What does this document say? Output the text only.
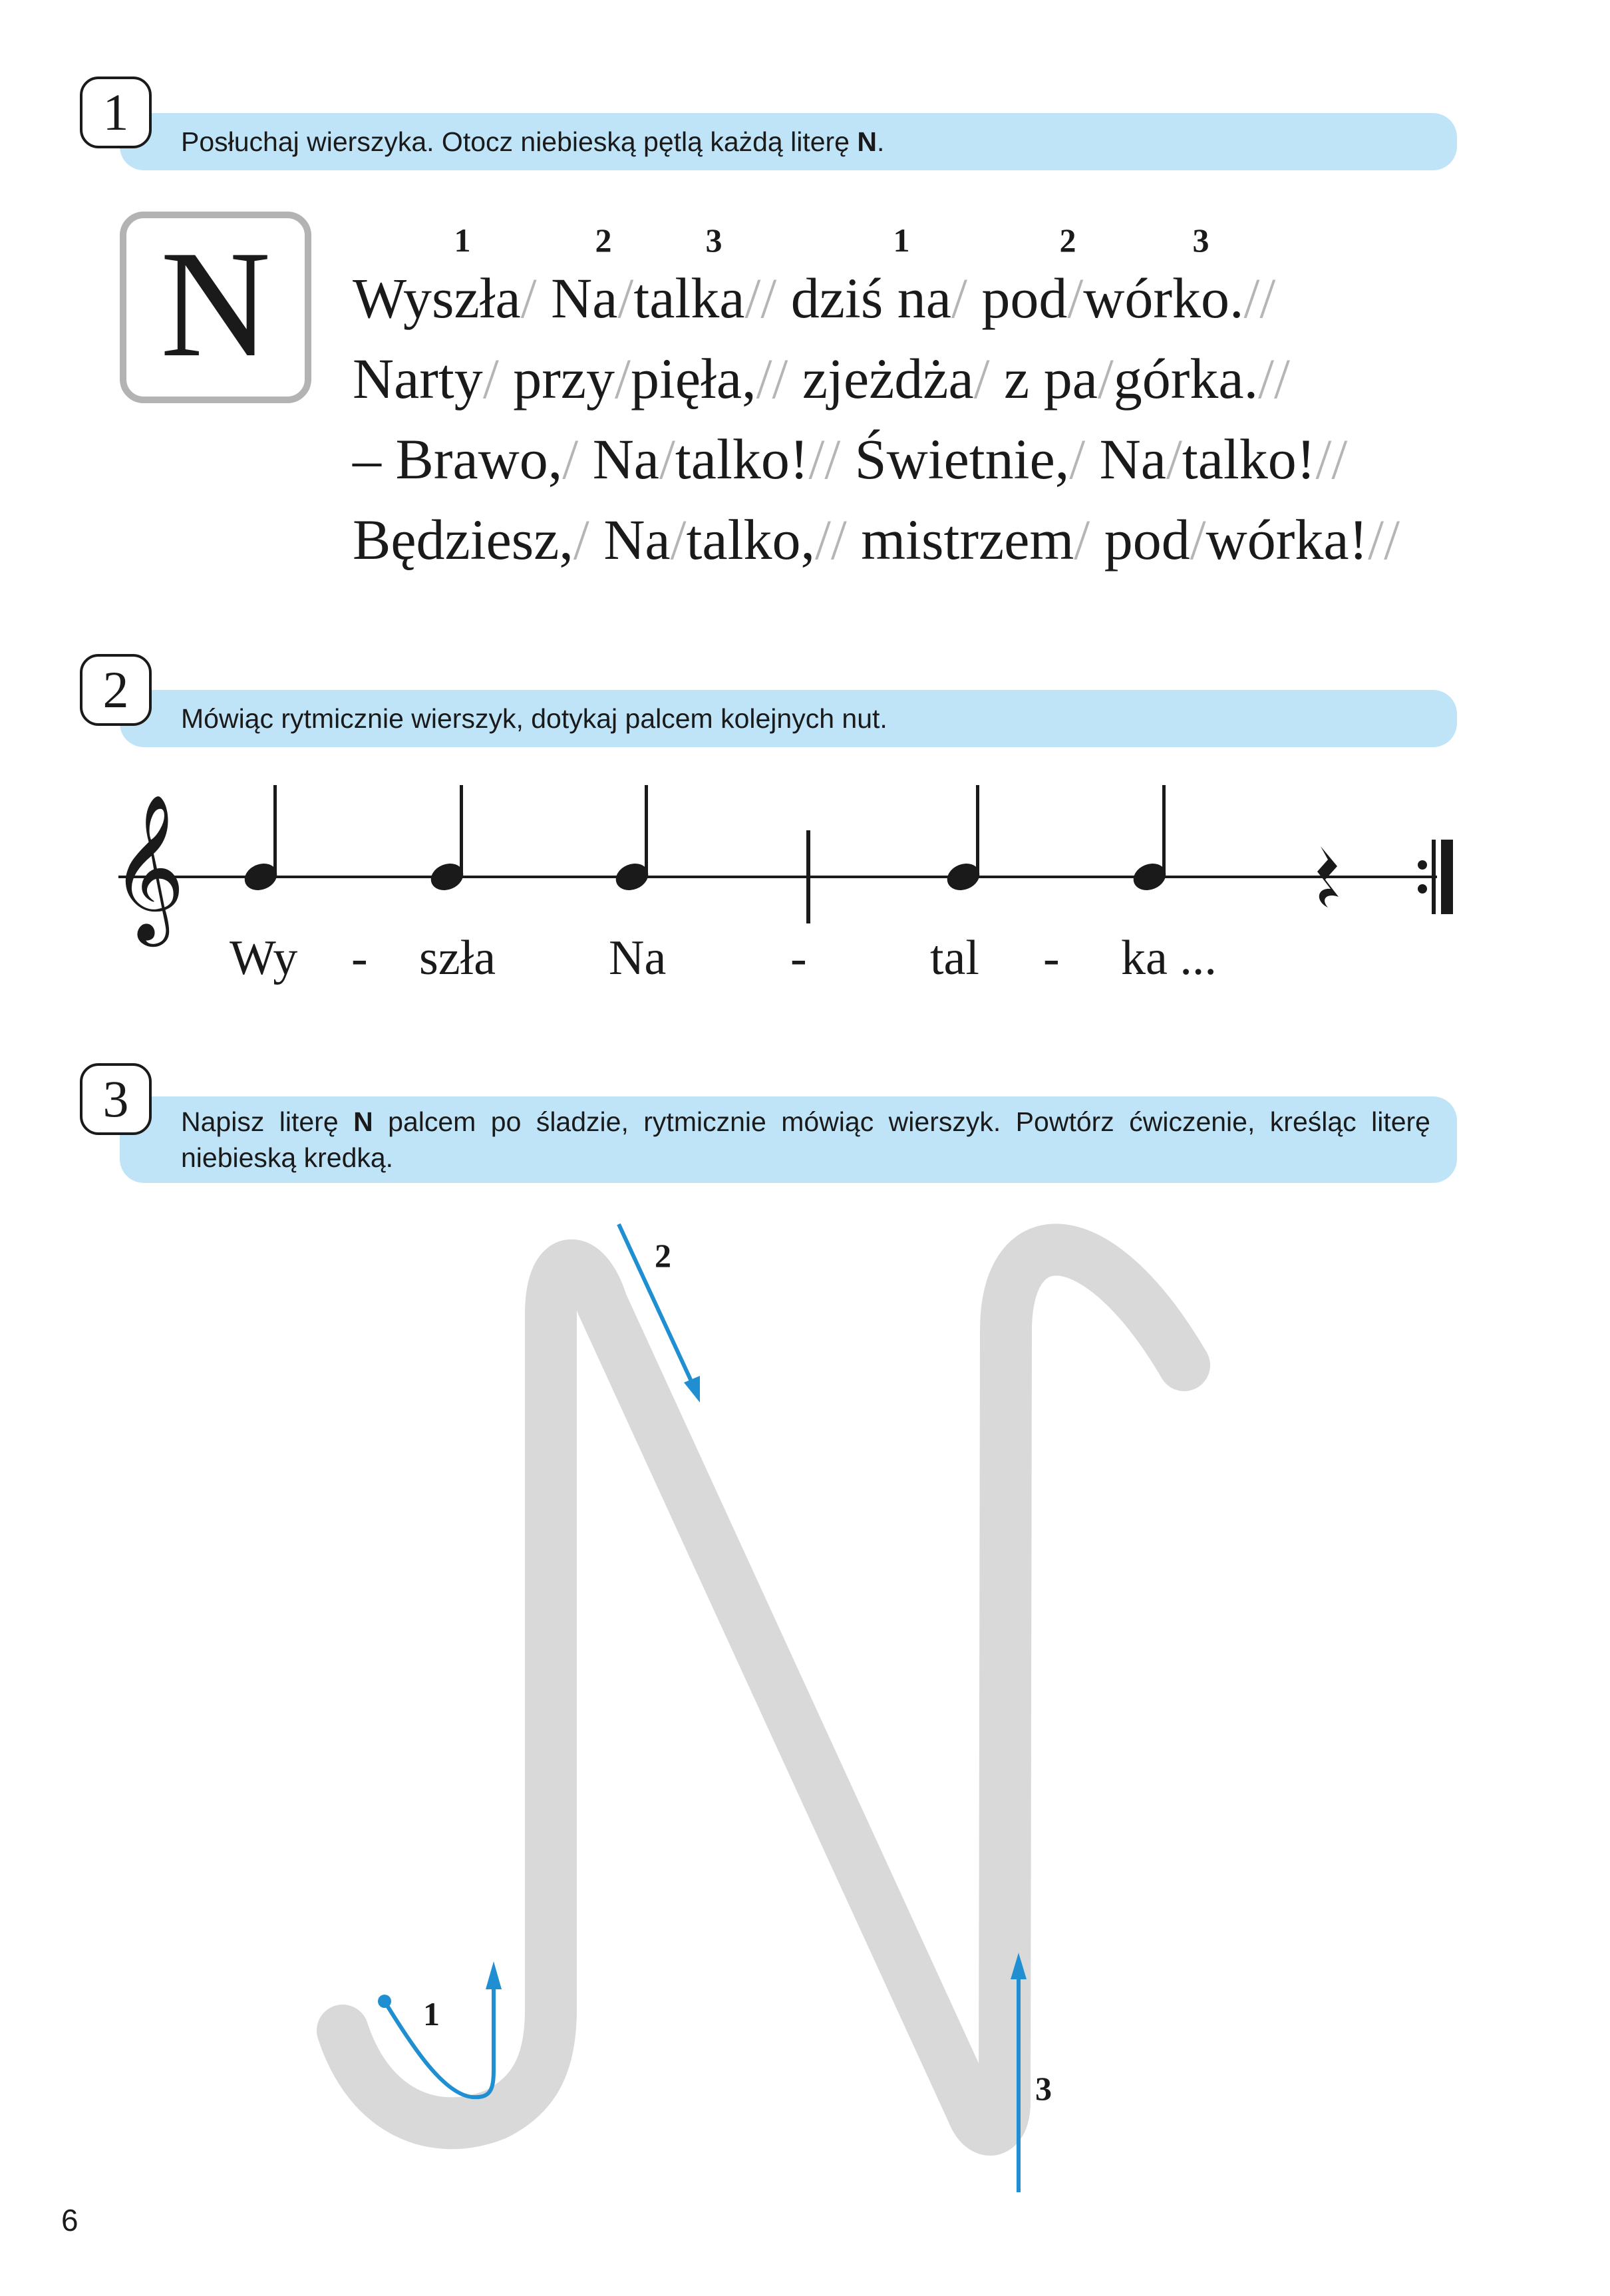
1
Posłuchaj wierszyka. Otocz niebieską pętlą każdą literę N.
N	1	2	3	1	2	3
Wyszła/ Na/talka// dziś na/ pod/wórko.//
Narty/ przy/pięła,// zjeżdża/ z pa/górka.//
– Brawo,/ Na/talko!// Świetnie,/ Na/talko!//
Będziesz,/ Na/talko,// mistrzem/ pod/wórka!//
2	Mówiąc rytmicznie wierszyk, dotykaj palcem kolejnych nut.
𝄞
Wy - szła Na	-	tal - ka ...
3	Napisz literę N palcem po śladzie, rytmicznie mówiąc wierszyk. Powtórz ćwiczenie, kreśląc literę niebieską kredką.
1
2
3
6
